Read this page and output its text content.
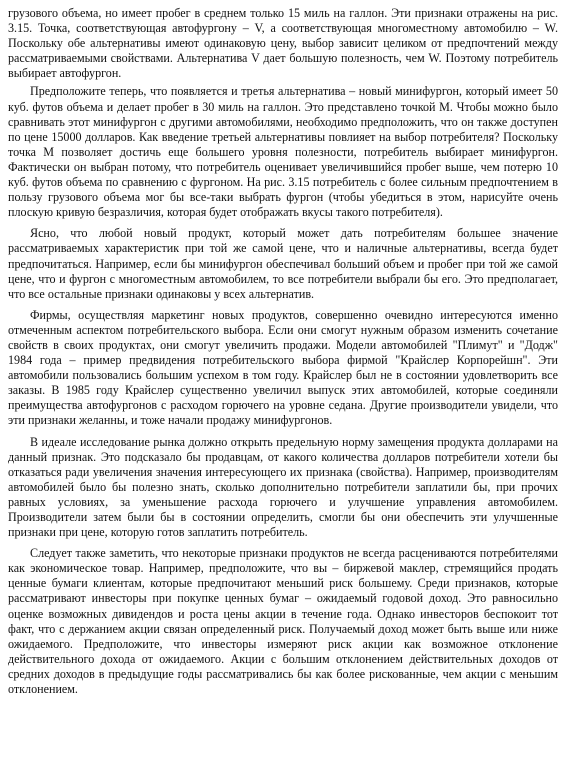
грузового объема, но имеет пробег в среднем только 15 миль на галлон. Эти признаки отражены на рис. 3.15. Точка, соответствующая автофургону – V, а соответствующая многоместному автомобилю – W. Поскольку обе альтернативы имеют одинаковую цену, выбор зависит целиком от предпочтений между рассматриваемыми свойствами. Альтернатива V дает большую полезность, чем W. Поэтому потребитель выбирает автофургон.

Предположите теперь, что появляется и третья альтернатива – новый минифургон, который имеет 50 куб. футов объема и делает пробег в 30 миль на галлон. Это представлено точкой M. Чтобы можно было сравнивать этот минифургон с другими автомобилями, необходимо предположить, что он также доступен по цене 15000 долларов. Как введение третьей альтернативы повлияет на выбор потребителя? Поскольку точка M позволяет достичь еще большего уровня полезности, потребитель выбирает минифургон. Фактически он выбран потому, что потребитель оценивает увеличившийся пробег выше, чем потерю 10 куб. футов объема по сравнению с фургоном. На рис. 3.15 потребитель с более сильным предпочтением в пользу грузового объема мог бы все-таки выбрать фургон (чтобы убедиться в этом, нарисуйте очень плоскую кривую безразличия, которая будет отображать вкусы такого потребителя).

Ясно, что любой новый продукт, который может дать потребителям большее значение рассматриваемых характеристик при той же самой цене, что и наличные альтернативы, всегда будет предпочитаться. Например, если бы минифургон обеспечивал больший объем и пробег при той же самой цене, что и фургон с многоместным автомобилем, то все потребители выбрали бы его. Это предполагает, что все остальные признаки одинаковы у всех альтернатив.

Фирмы, осуществляя маркетинг новых продуктов, совершенно очевидно интересуются именно отмеченным аспектом потребительского выбора. Если они смогут нужным образом изменить сочетание свойств в своих продуктах, они смогут увеличить продажи. Модели автомобилей "Плимут" и "Додж" 1984 года – пример предвидения потребительского выбора фирмой "Крайслер Корпорейшн". Эти автомобили пользовались большим успехом в том году. Крайслер был не в состоянии удовлетворить все заказы. В 1985 году Крайслер существенно увеличил выпуск этих автомобилей, которые соединяли преимущества автофургонов с расходом горючего на уровне седана. Другие производители увидели, что эти признаки желанны, и тоже начали продажу минифургонов.

В идеале исследование рынка должно открыть предельную норму замещения продукта долларами на данный признак. Это подсказало бы продавцам, от какого количества долларов потребители хотели бы отказаться ради увеличения значения интересующего их признака (свойства). Например, производителям автомобилей было бы полезно знать, сколько дополнительно потребители заплатили бы, при прочих равных условиях, за уменьшение расхода горючего и улучшение управления автомобилем. Производители затем были бы в состоянии определить, смогли бы они обеспечить эти улучшенные признаки при цене, которую готов заплатить потребитель.

Следует также заметить, что некоторые признаки продуктов не всегда расцениваются потребителями как экономическое товар. Например, предположите, что вы – биржевой маклер, стремящийся продать ценные бумаги клиентам, которые предпочитают меньший риск большему. Среди признаков, которые рассматривают инвесторы при покупке ценных бумаг – ожидаемый годовой доход. Это равносильно оценке возможных дивидендов и роста цены акции в течение года. Однако инвесторов беспокоит тот факт, что с держанием акции связан определенный риск. Получаемый доход может быть выше или ниже ожидаемого. Предположите, что инвесторы измеряют риск акции как возможное отклонение действительного дохода от ожидаемого. Акции с большим отклонением действительных доходов от средних доходов в предыдущие годы рассматривались бы как более рискованные, чем акции с меньшим отклонением.
